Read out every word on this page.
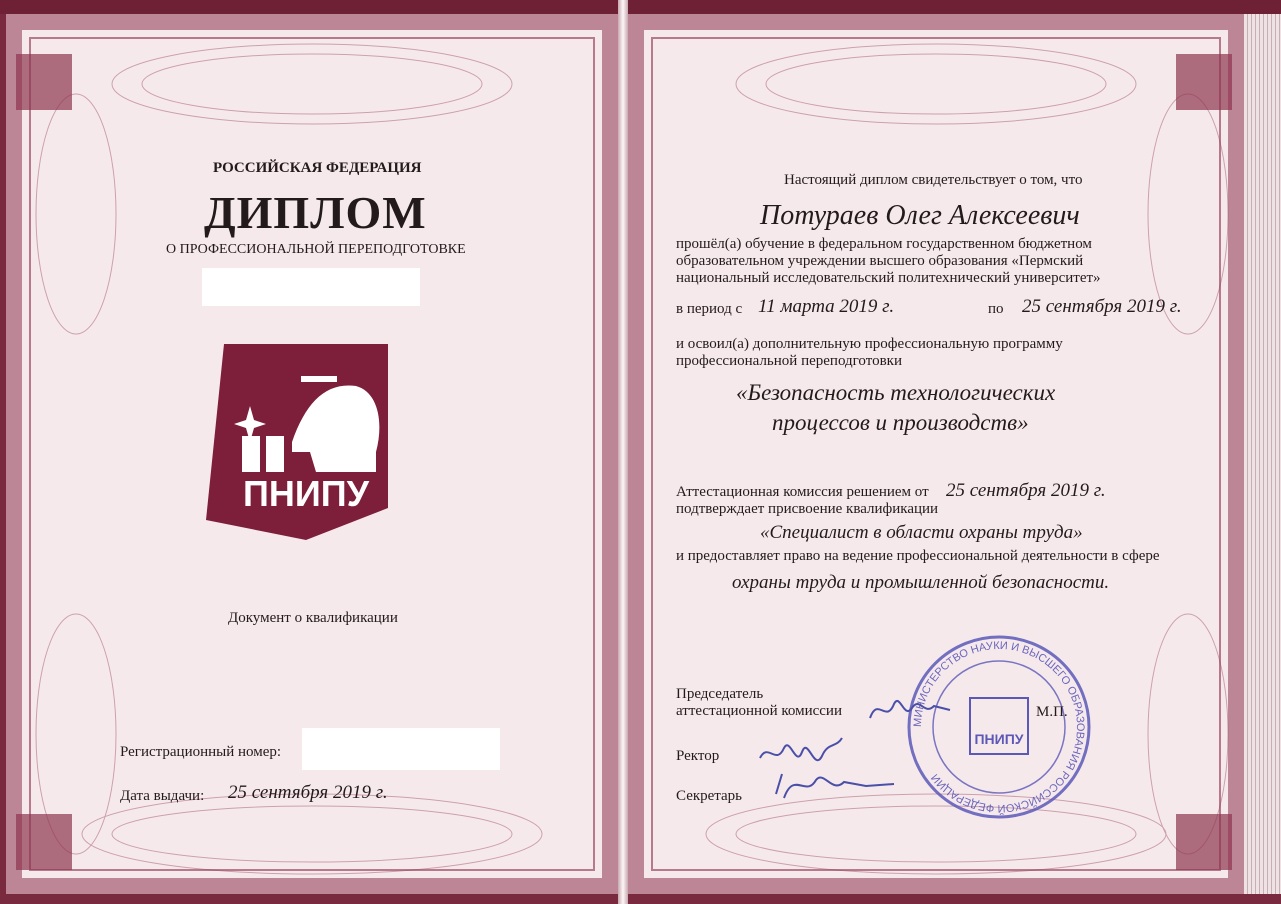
РОССИЙСКАЯ ФЕДЕРАЦИЯ
ДИПЛОМ
О ПРОФЕССИОНАЛЬНОЙ ПЕРЕПОДГОТОВКЕ
ПНИПУ
Документ о квалификации
Регистрационный номер:
Дата выдачи: 25 сентября 2019 г.
Настоящий диплом свидетельствует о том, что
Потураев Олег Алексеевич
прошёл(а) обучение в федеральном государственном бюджетном
образовательном учреждении высшего образования «Пермский
национальный исследовательский политехнический университет»
в период с 11 марта 2019 г.	по 25 сентября 2019 г.
и освоил(а) дополнительную профессиональную программу
профессиональной переподготовки
«Безопасность технологических
процессов и производств»
Аттестационная комиссия решением от 25 сентября 2019 г.
подтверждает присвоение квалификации
«Специалист в области охраны труда»
и предоставляет право на ведение профессиональной деятельности в сфере
охраны труда и промышленной безопасности.
МИНИСТЕРСТВО НАУКИ И ВЫСШЕГО ОБРАЗОВАНИЯ РОССИЙСКОЙ ФЕДЕРАЦИИ
ПНИПУ
Председатель
аттестационной комиссии	М.П.
Ректор
Секретарь
